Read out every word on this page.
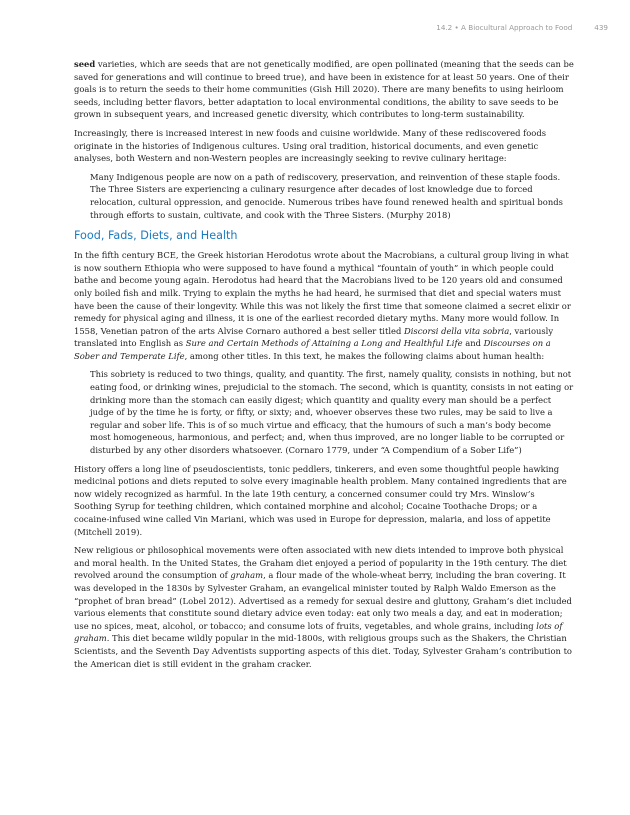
14.2 • A Biocultural Approach to Food	439

seed varieties, which are seeds that are not genetically modified, are open pollinated (meaning that the seeds can be saved for generations and will continue to breed true), and have been in existence for at least 50 years. One of their goals is to return the seeds to their home communities (Gish Hill 2020). There are many benefits to using heirloom seeds, including better flavors, better adaptation to local environmental conditions, the ability to save seeds to be grown in subsequent years, and increased genetic diversity, which contributes to long-term sustainability.

Increasingly, there is increased interest in new foods and cuisine worldwide. Many of these rediscovered foods originate in the histories of Indigenous cultures. Using oral tradition, historical documents, and even genetic analyses, both Western and non-Western peoples are increasingly seeking to revive culinary heritage:

Many Indigenous people are now on a path of rediscovery, preservation, and reinvention of these staple foods. The Three Sisters are experiencing a culinary resurgence after decades of lost knowledge due to forced relocation, cultural oppression, and genocide. Numerous tribes have found renewed health and spiritual bonds through efforts to sustain, cultivate, and cook with the Three Sisters. (Murphy 2018)

Food, Fads, Diets, and Health

In the fifth century BCE, the Greek historian Herodotus wrote about the Macrobians, a cultural group living in what is now southern Ethiopia who were supposed to have found a mythical “fountain of youth” in which people could bathe and become young again. Herodotus had heard that the Macrobians lived to be 120 years old and consumed only boiled fish and milk. Trying to explain the myths he had heard, he surmised that diet and special waters must have been the cause of their longevity. While this was not likely the first time that someone claimed a secret elixir or remedy for physical aging and illness, it is one of the earliest recorded dietary myths. Many more would follow. In 1558, Venetian patron of the arts Alvise Cornaro authored a best seller titled Discorsi della vita sobria, variously translated into English as Sure and Certain Methods of Attaining a Long and Healthful Life and Discourses on a Sober and Temperate Life, among other titles. In this text, he makes the following claims about human health:

This sobriety is reduced to two things, quality, and quantity. The first, namely quality, consists in nothing, but not eating food, or drinking wines, prejudicial to the stomach. The second, which is quantity, consists in not eating or drinking more than the stomach can easily digest; which quantity and quality every man should be a perfect judge of by the time he is forty, or fifty, or sixty; and, whoever observes these two rules, may be said to live a regular and sober life. This is of so much virtue and efficacy, that the humours of such a man’s body become most homogeneous, harmonious, and perfect; and, when thus improved, are no longer liable to be corrupted or disturbed by any other disorders whatsoever. (Cornaro 1779, under “A Compendium of a Sober Life”)

History offers a long line of pseudoscientists, tonic peddlers, tinkerers, and even some thoughtful people hawking medicinal potions and diets reputed to solve every imaginable health problem. Many contained ingredients that are now widely recognized as harmful. In the late 19th century, a concerned consumer could try Mrs. Winslow’s Soothing Syrup for teething children, which contained morphine and alcohol; Cocaine Toothache Drops; or a cocaine-infused wine called Vin Mariani, which was used in Europe for depression, malaria, and loss of appetite (Mitchell 2019).

New religious or philosophical movements were often associated with new diets intended to improve both physical and moral health. In the United States, the Graham diet enjoyed a period of popularity in the 19th century. The diet revolved around the consumption of graham, a flour made of the whole-wheat berry, including the bran covering. It was developed in the 1830s by Sylvester Graham, an evangelical minister touted by Ralph Waldo Emerson as the “prophet of bran bread” (Lobel 2012). Advertised as a remedy for sexual desire and gluttony, Graham’s diet included various elements that constitute sound dietary advice even today: eat only two meals a day, and eat in moderation; use no spices, meat, alcohol, or tobacco; and consume lots of fruits, vegetables, and whole grains, including lots of graham. This diet became wildly popular in the mid-1800s, with religious groups such as the Shakers, the Christian Scientists, and the Seventh Day Adventists supporting aspects of this diet. Today, Sylvester Graham’s contribution to the American diet is still evident in the graham cracker.
